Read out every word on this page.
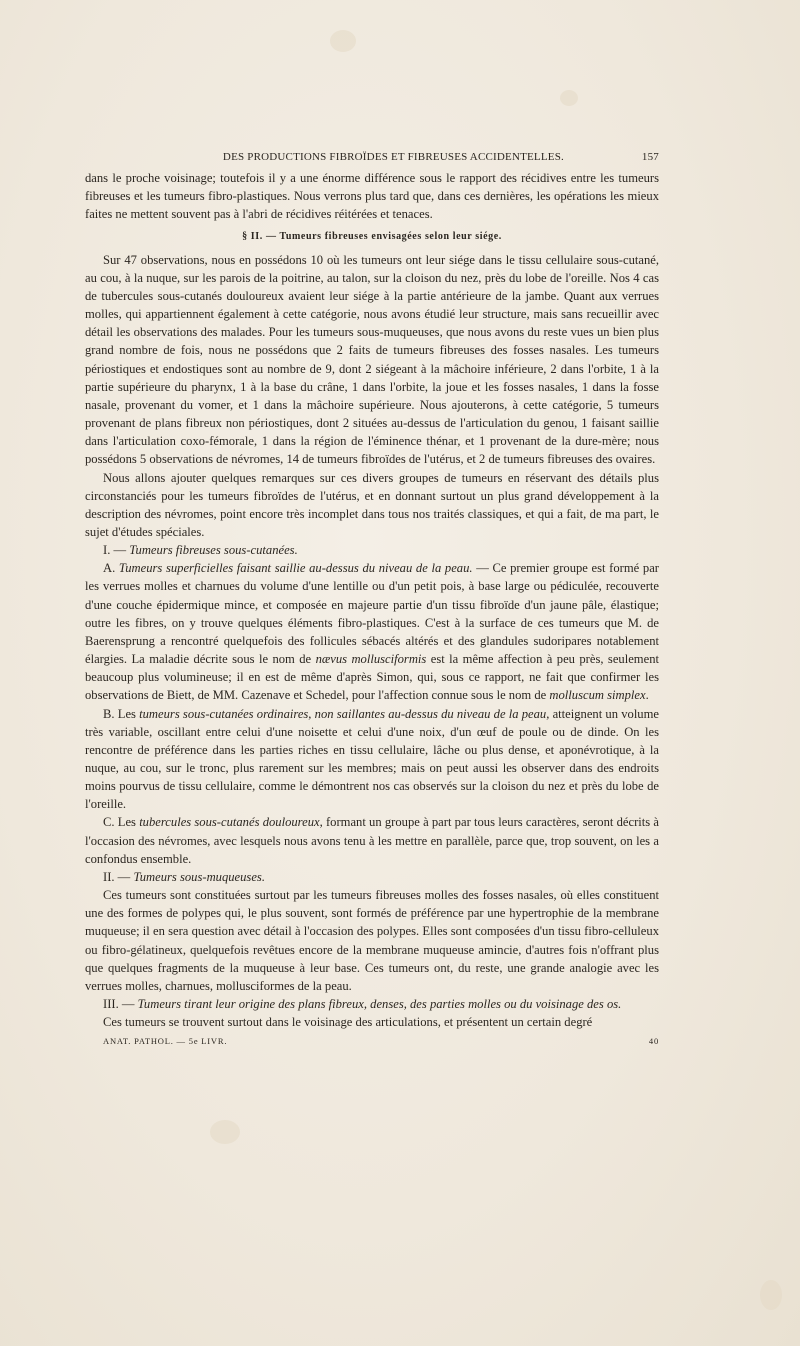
DES PRODUCTIONS FIBROÏDES ET FIBREUSES ACCIDENTELLES.	157

dans le proche voisinage; toutefois il y a une énorme différence sous le rapport des récidives entre les tumeurs fibreuses et les tumeurs fibro-plastiques. Nous verrons plus tard que, dans ces dernières, les opérations les mieux faites ne mettent souvent pas à l'abri de récidives réitérées et tenaces.

§ II. — Tumeurs fibreuses envisagées selon leur siége.

Sur 47 observations, nous en possédons 10 où les tumeurs ont leur siége dans le tissu cellulaire sous-cutané, au cou, à la nuque, sur les parois de la poitrine, au talon, sur la cloison du nez, près du lobe de l'oreille. Nos 4 cas de tubercules sous-cutanés douloureux avaient leur siége à la partie antérieure de la jambe. Quant aux verrues molles, qui appartiennent également à cette catégorie, nous avons étudié leur structure, mais sans recueillir avec détail les observations des malades. Pour les tumeurs sous-muqueuses, que nous avons du reste vues un bien plus grand nombre de fois, nous ne possédons que 2 faits de tumeurs fibreuses des fosses nasales. Les tumeurs périostiques et endostiques sont au nombre de 9, dont 2 siégeant à la mâchoire inférieure, 2 dans l'orbite, 1 à la partie supérieure du pharynx, 1 à la base du crâne, 1 dans l'orbite, la joue et les fosses nasales, 1 dans la fosse nasale, provenant du vomer, et 1 dans la mâchoire supérieure. Nous ajouterons, à cette catégorie, 5 tumeurs provenant de plans fibreux non périostiques, dont 2 situées au-dessus de l'articulation du genou, 1 faisant saillie dans l'articulation coxo-fémorale, 1 dans la région de l'éminence thénar, et 1 provenant de la dure-mère; nous possédons 5 observations de névromes, 14 de tumeurs fibroïdes de l'utérus, et 2 de tumeurs fibreuses des ovaires.

Nous allons ajouter quelques remarques sur ces divers groupes de tumeurs en réservant des détails plus circonstanciés pour les tumeurs fibroïdes de l'utérus, et en donnant surtout un plus grand développement à la description des névromes, point encore très incomplet dans tous nos traités classiques, et qui a fait, de ma part, le sujet d'études spéciales.

I. — Tumeurs fibreuses sous-cutanées.

A. Tumeurs superficielles faisant saillie au-dessus du niveau de la peau. — Ce premier groupe est formé par les verrues molles et charnues du volume d'une lentille ou d'un petit pois, à base large ou pédiculée, recouverte d'une couche épidermique mince, et composée en majeure partie d'un tissu fibroïde d'un jaune pâle, élastique; outre les fibres, on y trouve quelques éléments fibro-plastiques. C'est à la surface de ces tumeurs que M. de Baerensprung a rencontré quelquefois des follicules sébacés altérés et des glandules sudoripares notablement élargies. La maladie décrite sous le nom de nævus mollusciformis est la même affection à peu près, seulement beaucoup plus volumineuse; il en est de même d'après Simon, qui, sous ce rapport, ne fait que confirmer les observations de Biett, de MM. Cazenave et Schedel, pour l'affection connue sous le nom de molluscum simplex.

B. Les tumeurs sous-cutanées ordinaires, non saillantes au-dessus du niveau de la peau, atteignent un volume très variable, oscillant entre celui d'une noisette et celui d'une noix, d'un œuf de poule ou de dinde. On les rencontre de préférence dans les parties riches en tissu cellulaire, lâche ou plus dense, et aponévrotique, à la nuque, au cou, sur le tronc, plus rarement sur les membres; mais on peut aussi les observer dans des endroits moins pourvus de tissu cellulaire, comme le démontrent nos cas observés sur la cloison du nez et près du lobe de l'oreille.

C. Les tubercules sous-cutanés douloureux, formant un groupe à part par tous leurs caractères, seront décrits à l'occasion des névromes, avec lesquels nous avons tenu à les mettre en parallèle, parce que, trop souvent, on les a confondus ensemble.

II. — Tumeurs sous-muqueuses.

Ces tumeurs sont constituées surtout par les tumeurs fibreuses molles des fosses nasales, où elles constituent une des formes de polypes qui, le plus souvent, sont formés de préférence par une hypertrophie de la membrane muqueuse; il en sera question avec détail à l'occasion des polypes. Elles sont composées d'un tissu fibro-celluleux ou fibro-gélatineux, quelquefois revêtues encore de la membrane muqueuse amincie, d'autres fois n'offrant plus que quelques fragments de la muqueuse à leur base. Ces tumeurs ont, du reste, une grande analogie avec les verrues molles, charnues, mollusciformes de la peau.

III. — Tumeurs tirant leur origine des plans fibreux, denses, des parties molles ou du voisinage des os.

Ces tumeurs se trouvent surtout dans le voisinage des articulations, et présentent un certain degré

ANAT. PATHOL. — 5e LIVR.	40
